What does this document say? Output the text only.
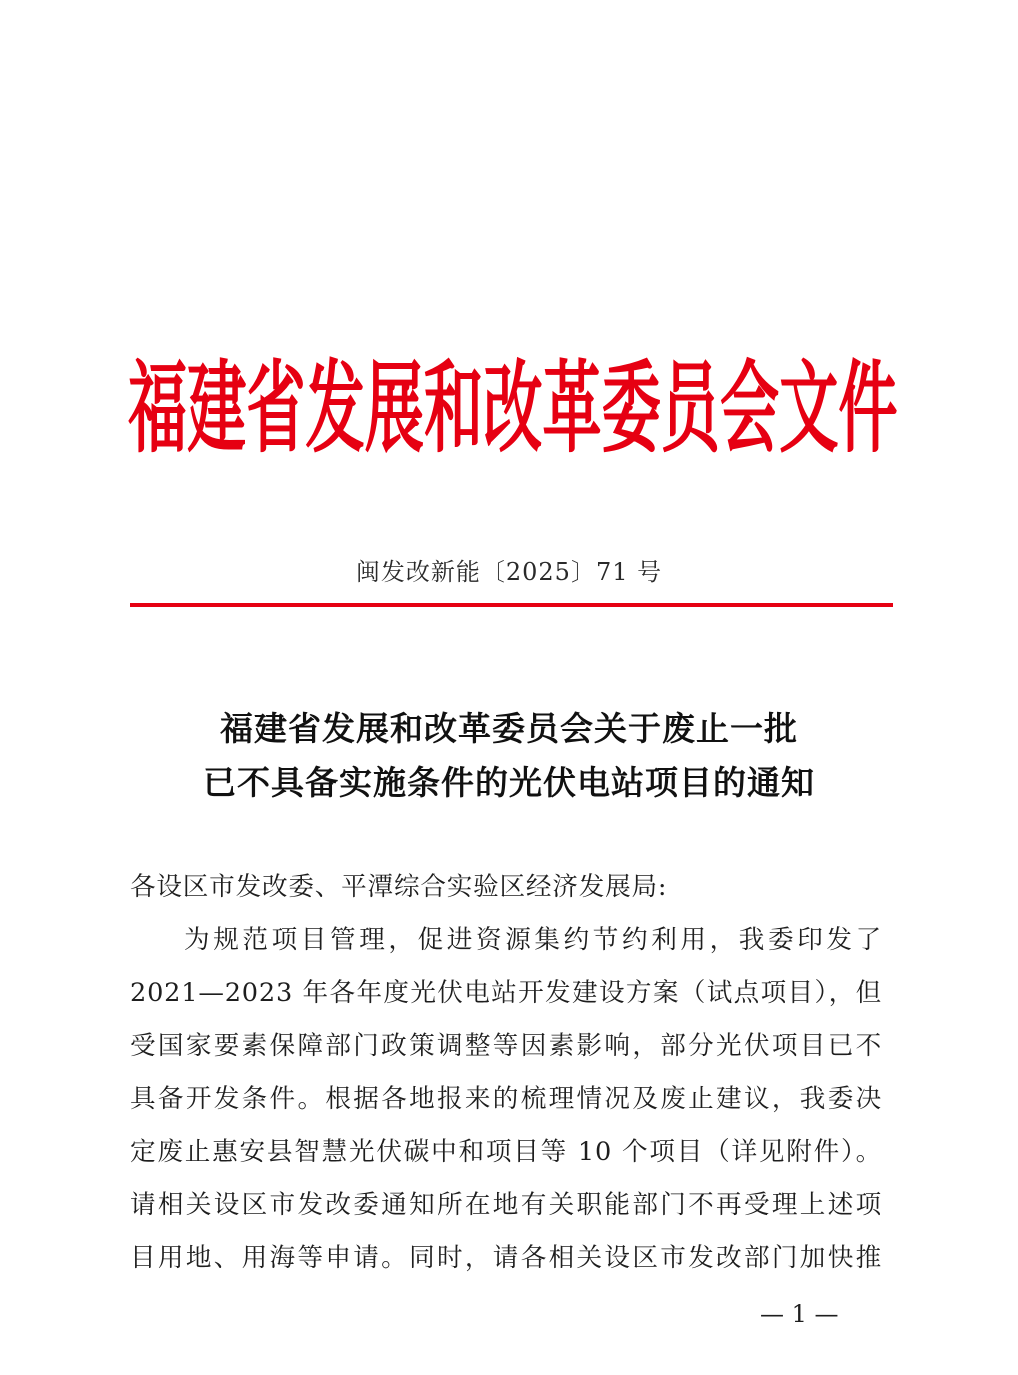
福建省发展和改革委员会文件
闽发改新能〔2025〕71 号
福建省发展和改革委员会关于废止一批
已不具备实施条件的光伏电站项目的通知
各设区市发改委、平潭综合实验区经济发展局:
为规范项目管理，促进资源集约节约利用，我委印发了
2021—2023 年各年度光伏电站开发建设方案（试点项目），但
受国家要素保障部门政策调整等因素影响，部分光伏项目已不
具备开发条件。根据各地报来的梳理情况及废止建议，我委决
定废止惠安县智慧光伏碳中和项目等 10 个项目（详见附件）。
请相关设区市发改委通知所在地有关职能部门不再受理上述项
目用地、用海等申请。同时，请各相关设区市发改部门加快推
— 1 —
